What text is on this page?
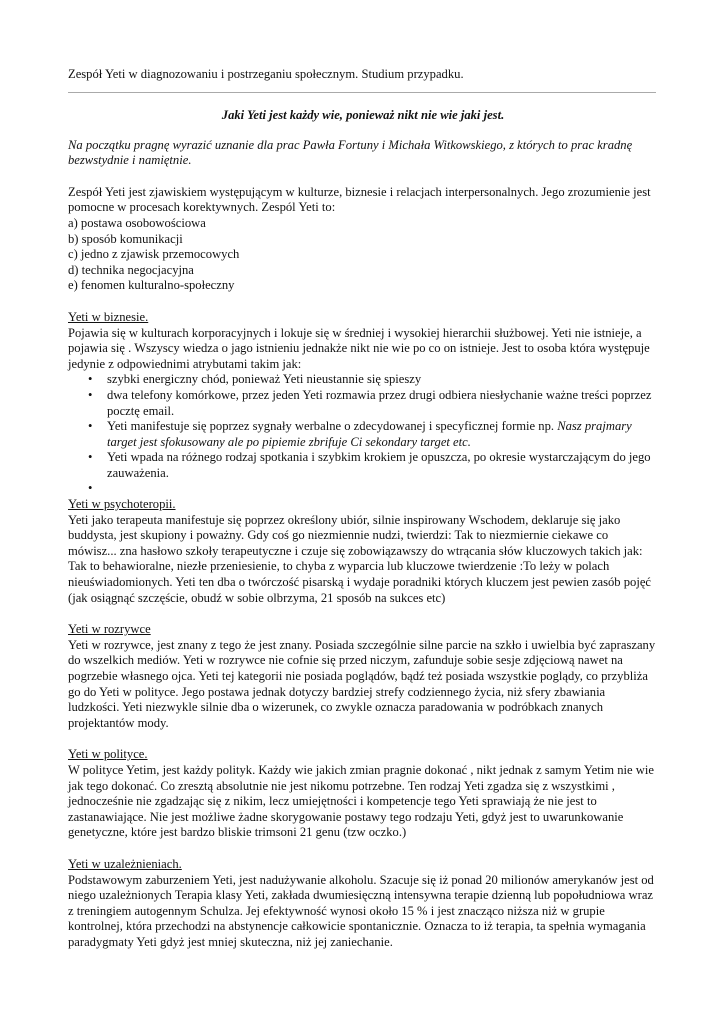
Zespół Yeti w diagnozowaniu i postrzeganiu społecznym. Studium przypadku.

Jaki Yeti jest każdy wie, ponieważ nikt nie wie jaki jest.

Na początku pragnę wyrazić uznanie dla prac Pawła Fortuny i Michała Witkowskiego, z których to prac kradnę bezwstydnie i namiętnie.

Zespół Yeti jest zjawiskiem występującym w kulturze, biznesie i relacjach interpersonalnych. Jego zrozumienie jest pomocne w procesach korektywnych. Zespól Yeti to:

a) postawa osobowościowa

b) sposób komunikacji

c) jedno z zjawisk przemocowych

d) technika negocjacyjna

e) fenomen kulturalno-społeczny

Yeti w biznesie.

Pojawia się w kulturach korporacyjnych i lokuje się w średniej i wysokiej hierarchii służbowej. Yeti nie istnieje, a pojawia się . Wszyscy wiedza o jago istnieniu jednakże nikt nie wie po co on istnieje. Jest to osoba która występuje jedynie z odpowiednimi atrybutami takim jak:

• szybki energiczny chód, ponieważ Yeti nieustannie się spieszy
• dwa telefony komórkowe, przez jeden Yeti rozmawia przez drugi odbiera niesłychanie ważne treści poprzez pocztę email.
• Yeti manifestuje się poprzez sygnały werbalne o zdecydowanej i specyficznej formie np. Nasz prajmary target jest sfokusowany ale po pipiemie zbrifuje Ci sekondary target etc.
• Yeti wpada na różnego rodzaj spotkania i szybkim krokiem je opuszcza, po okresie wystarczającym do jego zauważenia.
•

Yeti w psychoteropii.

Yeti jako terapeuta manifestuje się poprzez określony ubiór, silnie inspirowany Wschodem, deklaruje się jako buddysta, jest skupiony i poważny. Gdy coś go niezmiennie nudzi, twierdzi: Tak to niezmiernie ciekawe co mówisz... zna hasłowo szkoły terapeutyczne i czuje się zobowiązawszy do wtrącania słów kluczowych takich jak: Tak to behawioralne, niezłe przeniesienie, to chyba z wyparcia lub kluczowe twierdzenie :To leży w polach nieuświadomionych. Yeti ten dba o twórczość pisarską i wydaje poradniki których kluczem jest pewien zasób pojęć (jak osiągnąć szczęście, obudź w sobie olbrzyma, 21 sposób na sukces etc)

Yeti w rozrywce

Yeti w rozrywce, jest znany z tego że jest znany. Posiada szczególnie silne parcie na szkło i uwielbia być zapraszany do wszelkich mediów. Yeti w rozrywce nie cofnie się przed niczym, zafunduje sobie sesje zdjęciową nawet na pogrzebie własnego ojca. Yeti tej kategorii nie posiada poglądów, bądź też posiada wszystkie poglądy, co przybliża go do Yeti w polityce. Jego postawa jednak dotyczy bardziej strefy codziennego życia, niż sfery zbawiania ludzkości. Yeti niezwykle silnie dba o wizerunek, co zwykle oznacza paradowania w podróbkach znanych projektantów mody.

Yeti w polityce.

W polityce Yetim, jest każdy polityk. Każdy wie jakich zmian pragnie dokonać , nikt jednak z samym Yetim nie wie jak tego dokonać. Co zresztą absolutnie nie jest nikomu potrzebne. Ten rodzaj Yeti zgadza się z wszystkimi , jednocześnie nie zgadzając się z nikim, lecz umiejętności i kompetencje tego Yeti sprawiają że nie jest to zastanawiające. Nie jest możliwe żadne skorygowanie postawy tego rodzaju Yeti, gdyż jest to uwarunkowanie genetyczne, które jest bardzo bliskie trimsoni 21 genu (tzw oczko.)

Yeti w uzależnieniach.

Podstawowym zaburzeniem Yeti, jest nadużywanie alkoholu. Szacuje się iż ponad 20 milionów amerykanów jest od niego uzależnionych Terapia klasy Yeti, zakłada dwumiesięczną intensywna terapie dzienną lub popołudniowa wraz z treningiem autogennym Schulza. Jej efektywność wynosi około 15 % i jest znacząco niższa niż w grupie kontrolnej, która przechodzi na abstynencje całkowicie spontanicznie. Oznacza to iż terapia, ta spełnia wymagania paradygmaty Yeti gdyż jest mniej skuteczna, niż jej zaniechanie.
